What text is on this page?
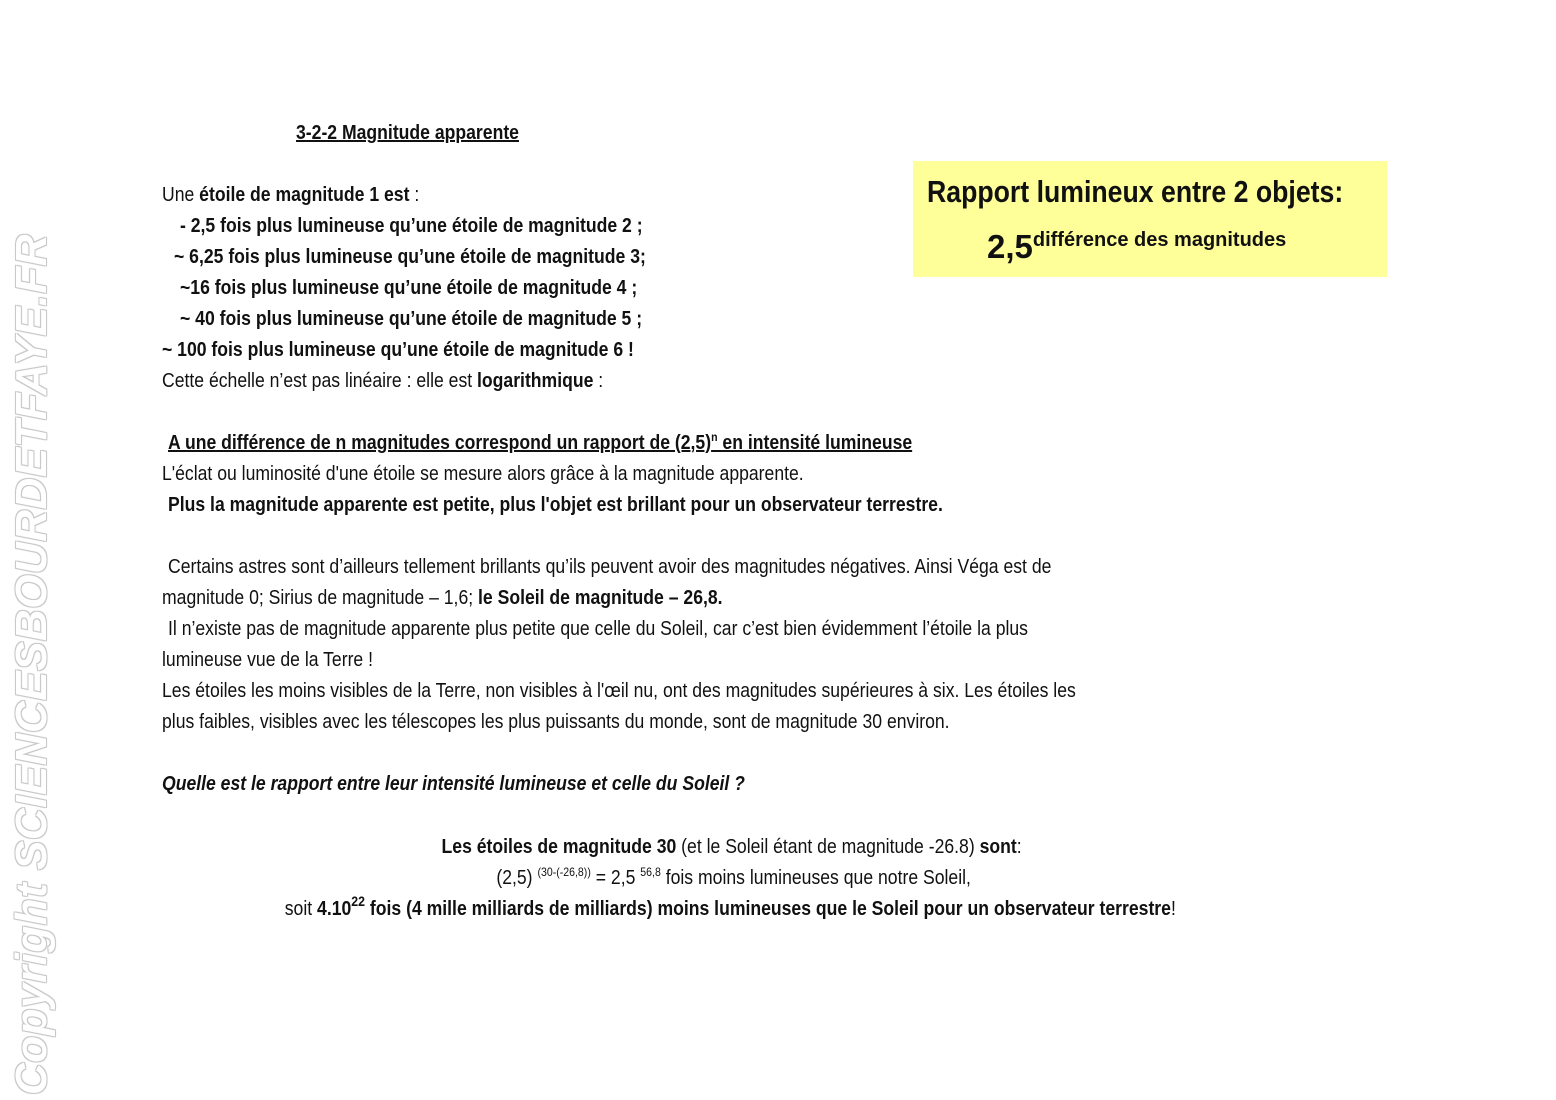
Copyright SCIENCESBOURDETFAYE.FR
3-2-2 Magnitude apparente
Une étoile de magnitude 1 est :
- 2,5 fois plus lumineuse qu’une étoile de magnitude 2 ;
~ 6,25 fois plus lumineuse qu’une étoile de magnitude 3;
~16 fois plus lumineuse qu’une étoile de magnitude 4 ;
~ 40 fois plus lumineuse qu’une étoile de magnitude 5 ;
~ 100 fois plus lumineuse qu’une étoile de magnitude 6 !
Cette échelle n’est pas linéaire : elle est logarithmique :
A une différence de n magnitudes correspond un rapport de $(2,5)^n$ en intensité lumineuse
L'éclat ou luminosité d'une étoile se mesure alors grâce à la magnitude apparente.
Plus la magnitude apparente est petite, plus l'objet est brillant pour un observateur terrestre.
Certains astres sont d’ailleurs tellement brillants qu’ils peuvent avoir des magnitudes négatives. Ainsi Véga est de
magnitude 0; Sirius de magnitude – 1,6; le Soleil de magnitude – 26,8.
Il n’existe pas de magnitude apparente plus petite que celle du Soleil, car c’est bien évidemment l’étoile la plus
lumineuse vue de la Terre !
Les étoiles les moins visibles de la Terre, non visibles à l'œil nu, ont des magnitudes supérieures à six. Les étoiles les
plus faibles, visibles avec les télescopes les plus puissants du monde, sont de magnitude 30 environ.
Quelle est le rapport entre leur intensité lumineuse et celle du Soleil ?
Les étoiles de magnitude 30 (et le Soleil étant de magnitude -26.8) sont:
(2,5) $^{(30-(-26,8))}$ = 2,5 $^{56,8}$ fois moins lumineuses que notre Soleil,
soit 4.10$^{22}$ fois (4 mille milliards de milliards) moins lumineuses que le Soleil pour un observateur terrestre!
Rapport lumineux entre 2 objets:
2,5différence des magnitudes
